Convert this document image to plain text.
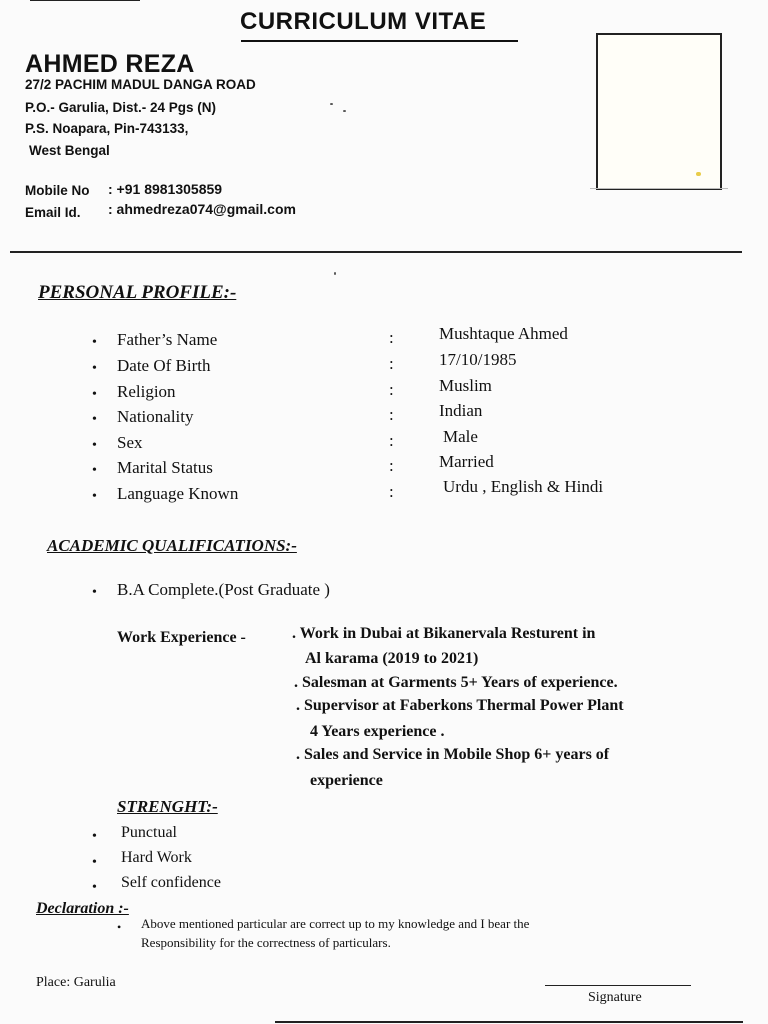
CURRICULUM VITAE
AHMED REZA
27/2 PACHIM MADUL DANGA ROAD
P.O.- Garulia, Dist.- 24 Pgs (N)
P.S. Noapara, Pin-743133,
West Bengal
Mobile No : +91 8981305859
Email Id. : ahmedreza074@gmail.com
PERSONAL PROFILE:-
• Father’s Name	:	Mushtaque Ahmed
• Date Of Birth	:	17/10/1985
• Religion	:	Muslim
• Nationality	:	Indian
• Sex	:	Male
• Marital Status	:	Married
• Language Known	:	Urdu , English & Hindi
ACADEMIC QUALIFICATIONS:-
• B.A Complete.(Post Graduate )
Work Experience -	. Work in Dubai at Bikanervala Resturent in
Al karama (2019 to 2021)
. Salesman at Garments 5+ Years of experience.
. Supervisor at Faberkons Thermal Power Plant
4 Years experience .
. Sales and Service in Mobile Shop 6+ years of
experience
STRENGHT:-
• Punctual
• Hard Work
• Self confidence
Declaration :-
• Above mentioned particular are correct up to my knowledge and I bear the
Responsibility for the correctness of particulars.
Place: Garulia
Signature
